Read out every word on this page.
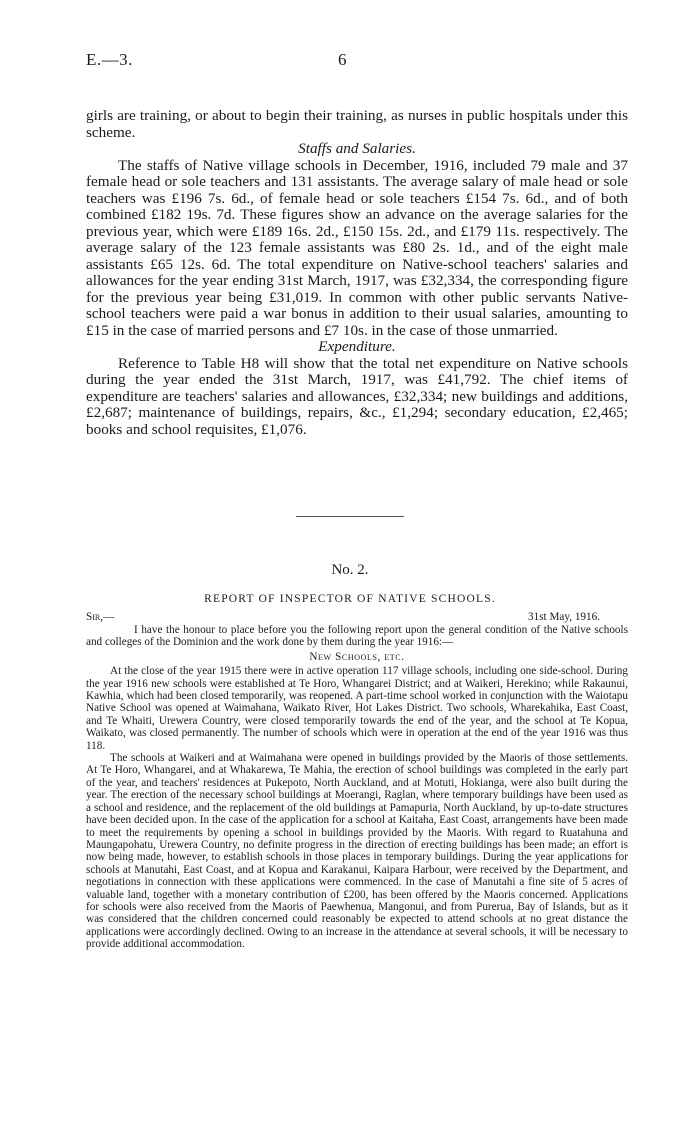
E.—3.	6

girls are training, or about to begin their training, as nurses in public hospitals under this scheme.

Staffs and Salaries.

The staffs of Native village schools in December, 1916, included 79 male and 37 female head or sole teachers and 131 assistants. The average salary of male head or sole teachers was £196 7s. 6d., of female head or sole teachers £154 7s. 6d., and of both combined £182 19s. 7d. These figures show an advance on the average salaries for the previous year, which were £189 16s. 2d., £150 15s. 2d., and £179 11s. respectively. The average salary of the 123 female assistants was £80 2s. 1d., and of the eight male assistants £65 12s. 6d. The total expenditure on Native-school teachers' salaries and allowances for the year ending 31st March, 1917, was £32,334, the corresponding figure for the previous year being £31,019. In common with other public servants Native-school teachers were paid a war bonus in addition to their usual salaries, amounting to £15 in the case of married persons and £7 10s. in the case of those unmarried.

Expenditure.

Reference to Table H8 will show that the total net expenditure on Native schools during the year ended the 31st March, 1917, was £41,792. The chief items of expenditure are teachers' salaries and allowances, £32,334; new buildings and additions, £2,687; maintenance of buildings, repairs, &c., £1,294; secondary education, £2,465; books and school requisites, £1,076.

No. 2.
REPORT OF INSPECTOR OF NATIVE SCHOOLS.
Sir,—	31st May, 1916.

I have the honour to place before you the following report upon the general condition of the Native schools and colleges of the Dominion and the work done by them during the year 1916:—

New Schools, etc.

At the close of the year 1915 there were in active operation 117 village schools, including one side-school. During the year 1916 new schools were established at Te Horo, Whangarei District; and at Waikeri, Herekino; while Rakaunui, Kawhia, which had been closed temporarily, was reopened. A part-time school worked in conjunction with the Waiotapu Native School was opened at Waimahana, Waikato River, Hot Lakes District. Two schools, Wharekahika, East Coast, and Te Whaiti, Urewera Country, were closed temporarily towards the end of the year, and the school at Te Kopua, Waikato, was closed permanently. The number of schools which were in operation at the end of the year 1916 was thus 118.

The schools at Waikeri and at Waimahana were opened in buildings provided by the Maoris of those settlements. At Te Horo, Whangarei, and at Whakarewa, Te Mahia, the erection of school buildings was completed in the early part of the year, and teachers' residences at Pukepoto, North Auckland, and at Motuti, Hokianga, were also built during the year. The erection of the necessary school buildings at Moerangi, Raglan, where temporary buildings have been used as a school and residence, and the replacement of the old buildings at Pamapuria, North Auckland, by up-to-date structures have been decided upon. In the case of the application for a school at Kaitaha, East Coast, arrangements have been made to meet the requirements by opening a school in buildings provided by the Maoris. With regard to Ruatahuna and Maungapohatu, Urewera Country, no definite progress in the direction of erecting buildings has been made; an effort is now being made, however, to establish schools in those places in temporary buildings. During the year applications for schools at Manutahi, East Coast, and at Kopua and Karakanui, Kaipara Harbour, were received by the Department, and negotiations in connection with these applications were commenced. In the case of Manutahi a fine site of 5 acres of valuable land, together with a monetary contribution of £200, has been offered by the Maoris concerned. Applications for schools were also received from the Maoris of Paewhenua, Mangonui, and from Purerua, Bay of Islands, but as it was considered that the children concerned could reasonably be expected to attend schools at no great distance the applications were accordingly declined. Owing to an increase in the attendance at several schools, it will be necessary to provide additional accommodation.
